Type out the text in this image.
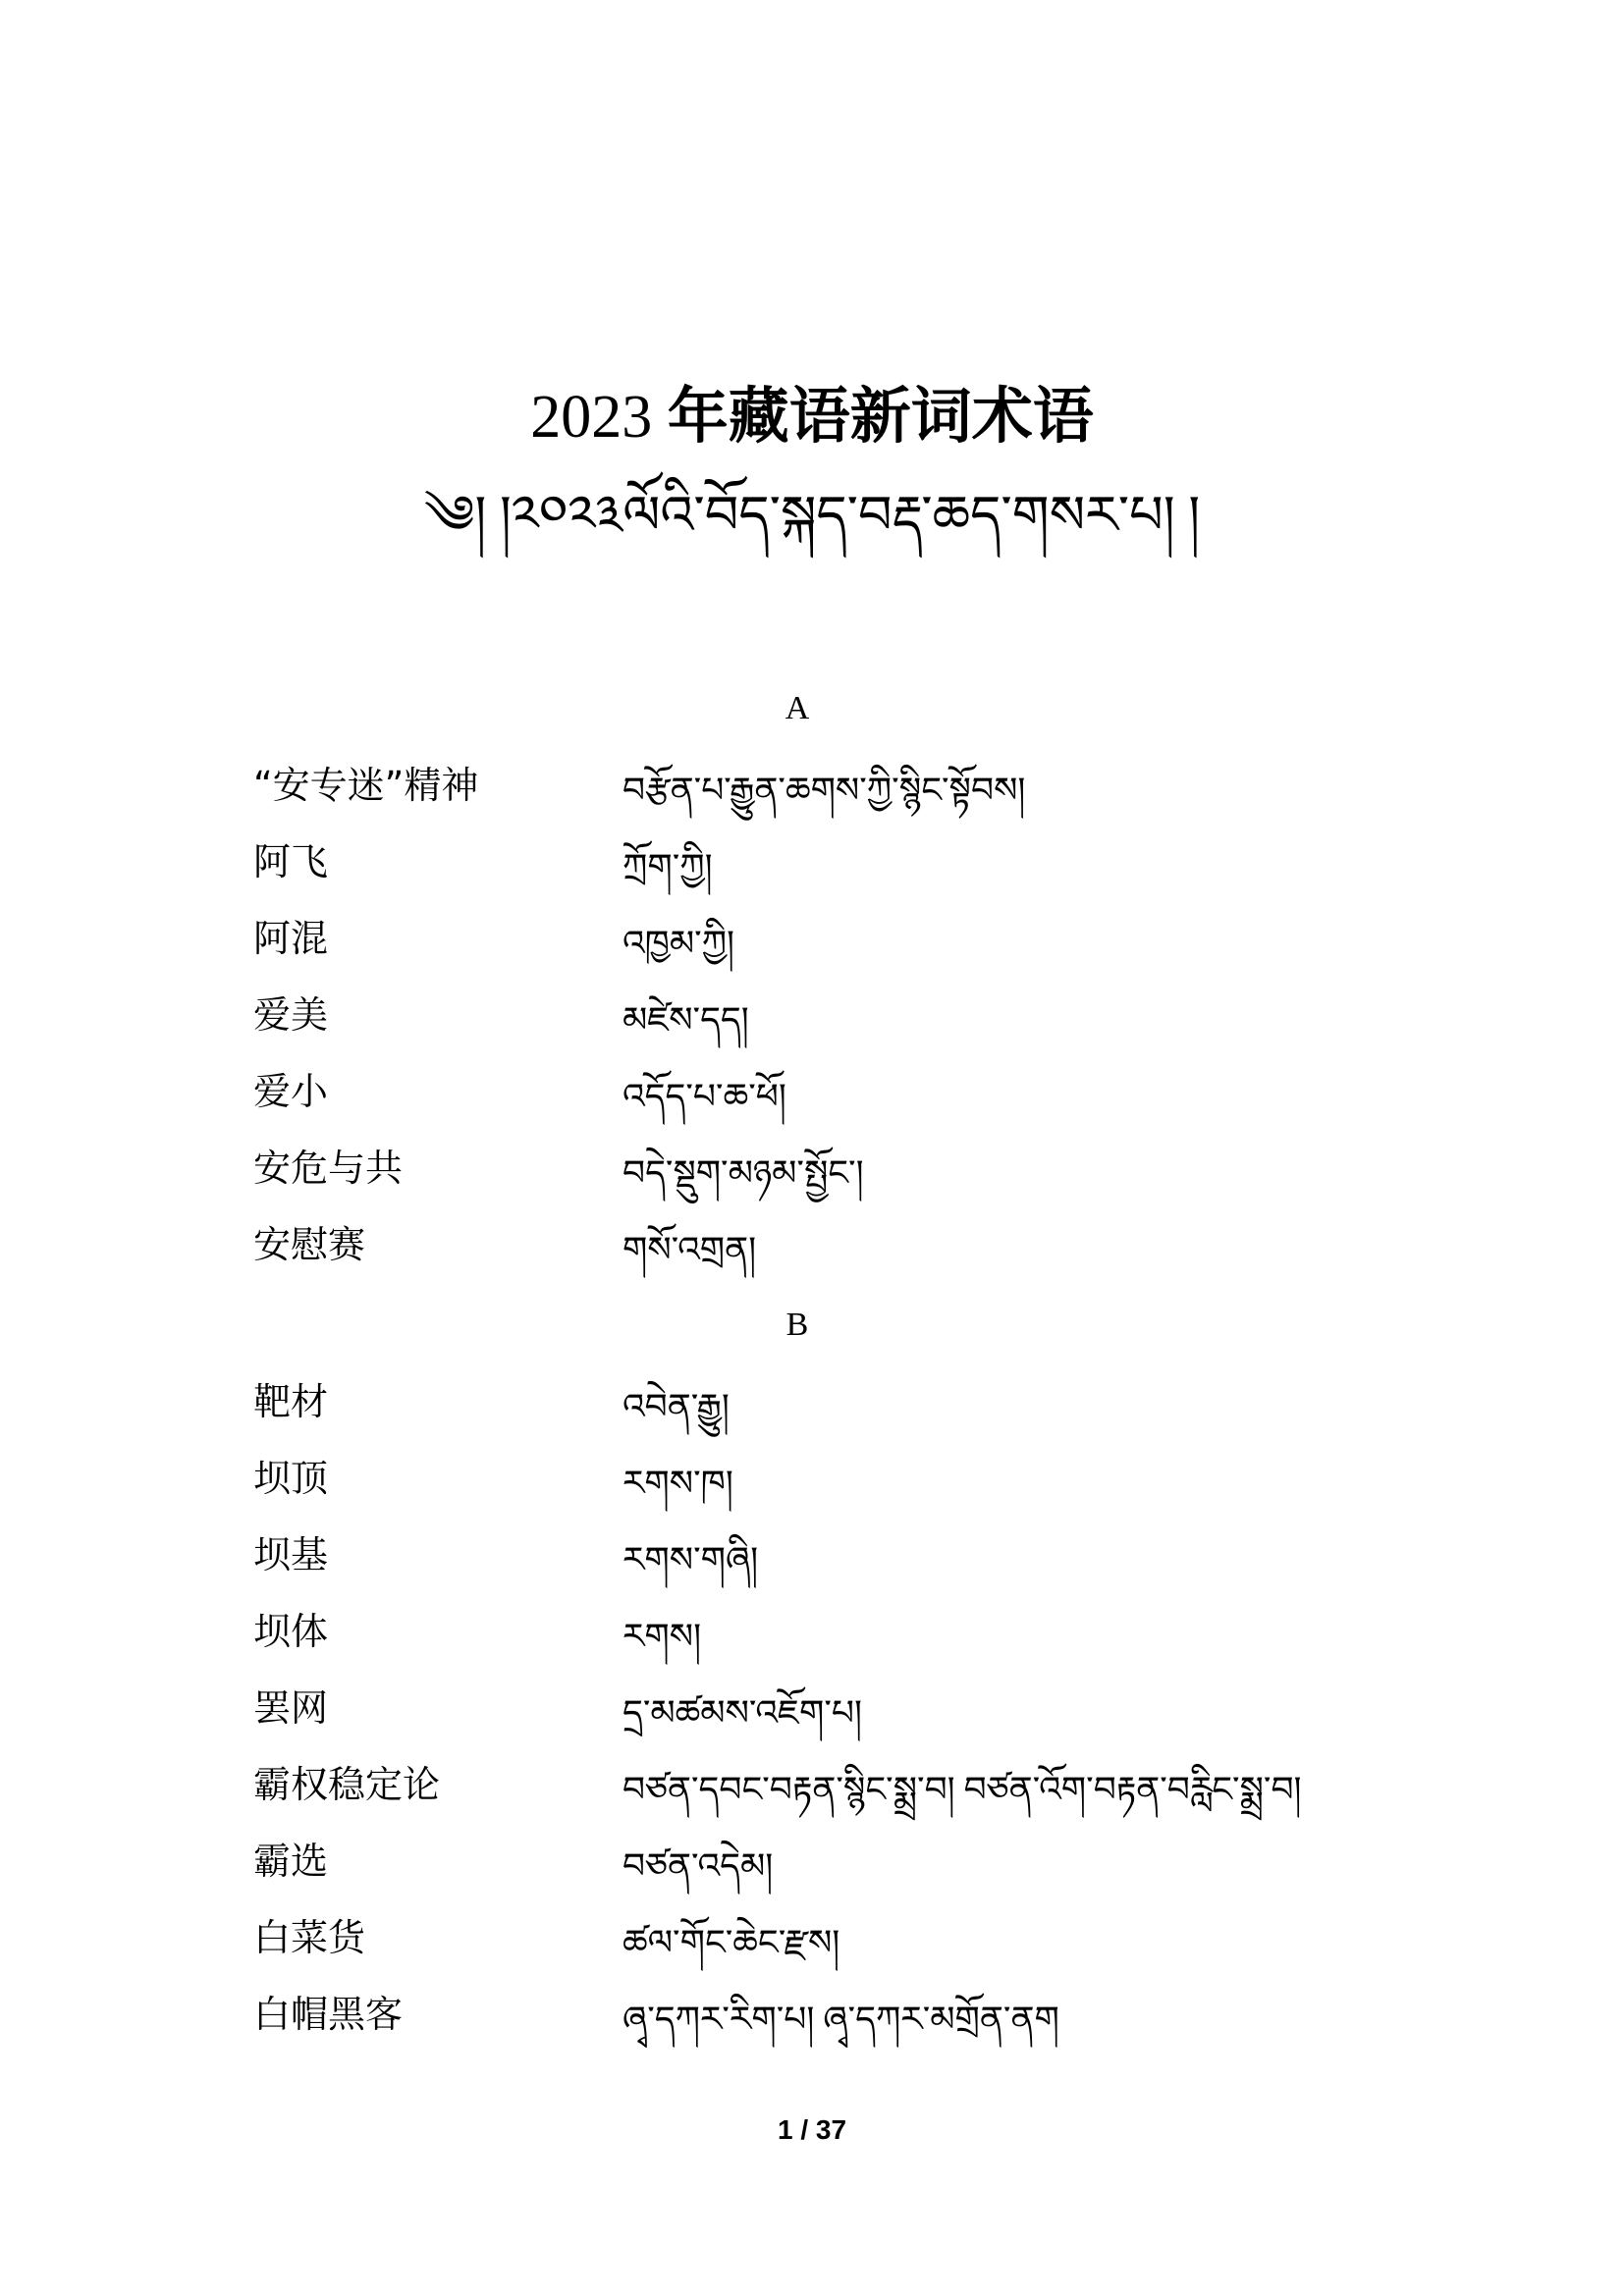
2023 年藏语新词术语
༄། །༢༠༢༣ལོའི་བོད་སྐད་བརྡ་ཆད་གསར་པ། །
A
“安专迷”精神	བརྩོན་པ་རྒྱུན་ཆགས་ཀྱི་སྙིང་སྟོབས།
阿飞	ཀྲོག་ཀྱི།
阿混	འཁྱམ་ཀྱི།
爱美	མཛེས་དད།
爱小	འདོད་པ་ཆ་ཕོ།
安危与共	བདེ་སྡུག་མཉམ་སྤྱོང་།
安慰赛	གསོ་འགྲན།
B
靶材	འབེན་རྒྱུ།
坝顶	རགས་ཁ།
坝基	རགས་གཞི།
坝体	རགས།
罢网	དྲ་མཚམས་འཇོག་པ།
霸权稳定论	བཙན་དབང་བརྟན་སྙིང་སྨྲ་བ། བཙན་འོག་བརྟན་བརླིང་སྨྲ་བ།
霸选	བཙན་འདེམ།
白菜货	ཚལ་གོང་ཆེང་རྫས།
白帽黑客	ཞྭ་དཀར་རིག་པ། ཞྭ་དཀར་མགྲོན་ནག
1 / 37
